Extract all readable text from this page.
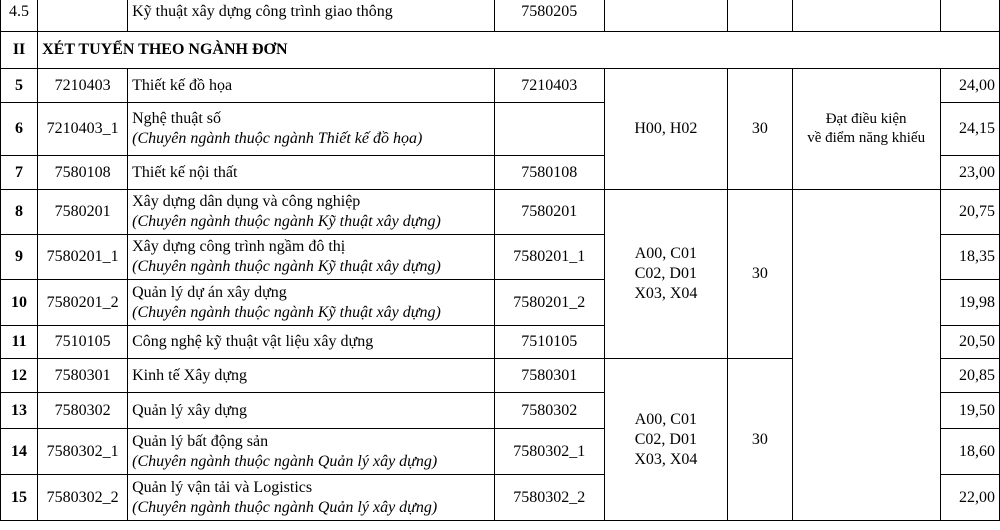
4.5		Kỹ thuật xây dựng công trình giao thông	7580205				
II	XÉT TUYỂN THEO NGÀNH ĐƠN						
5	7210403	Thiết kế đồ họa	7210403	H00, H02	30	Đạt điều kiện
về điểm năng khiếu	24,00
6	7210403_1	Nghệ thuật số
(Chuyên ngành thuộc ngành Thiết kế đồ họa)					24,15
7	7580108	Thiết kế nội thất	7580108				23,00
8	7580201	Xây dựng dân dụng và công nghiệp
(Chuyên ngành thuộc ngành Kỹ thuật xây dựng)	7580201	A00, C01
C02, D01
X03, X04	30		20,75
9	7580201_1	Xây dựng công trình ngầm đô thị
(Chuyên ngành thuộc ngành Kỹ thuật xây dựng)	7580201_1				18,35
10	7580201_2	Quản lý dự án xây dựng
(Chuyên ngành thuộc ngành Kỹ thuật xây dựng)	7580201_2				19,98
11	7510105	Công nghệ kỹ thuật vật liệu xây dựng	7510105				20,50
12	7580301	Kinh tế Xây dựng	7580301	A00, C01
C02, D01
X03, X04	30		20,85
13	7580302	Quản lý xây dựng	7580302				19,50
14	7580302_1	Quản lý bất động sản
(Chuyên ngành thuộc ngành Quản lý xây dựng)	7580302_1				18,60
15	7580302_2	Quản lý vận tải và Logistics
(Chuyên ngành thuộc ngành Quản lý xây dựng)	7580302_2				22,00
